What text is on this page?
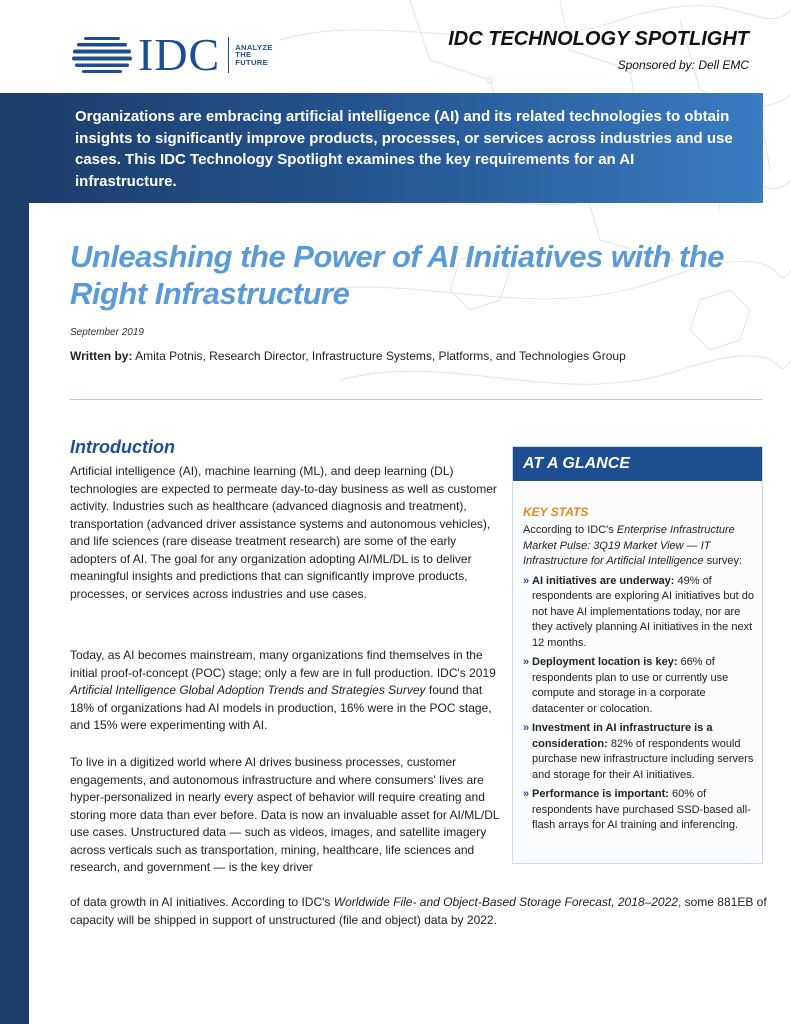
IDC ANALYZE
THE
FUTURE
IDC TECHNOLOGY SPOTLIGHT
Sponsored by: Dell EMC

Organizations are embracing artificial intelligence (AI) and its related technologies to obtain insights to significantly improve products, processes, or services across industries and use cases. This IDC Technology Spotlight examines the key requirements for an AI infrastructure.

Unleashing the Power of AI Initiatives with the Right Infrastructure
September 2019
Written by: Amita Potnis, Research Director, Infrastructure Systems, Platforms, and Technologies Group
Introduction

Artificial intelligence (AI), machine learning (ML), and deep learning (DL) technologies are expected to permeate day-to-day business as well as customer activity. Industries such as healthcare (advanced diagnosis and treatment), transportation (advanced driver assistance systems and autonomous vehicles), and life sciences (rare disease treatment research) are some of the early adopters of AI. The goal for any organization adopting AI/ML/DL is to deliver meaningful insights and predictions that can significantly improve products, processes, or services across industries and use cases.

Today, as AI becomes mainstream, many organizations find themselves in the initial proof-of-concept (POC) stage; only a few are in full production. IDC's 2019 Artificial Intelligence Global Adoption Trends and Strategies Survey found that 18% of organizations had AI models in production, 16% were in the POC stage, and 15% were experimenting with AI.

To live in a digitized world where AI drives business processes, customer engagements, and autonomous infrastructure and where consumers' lives are hyper-personalized in nearly every aspect of behavior will require creating and storing more data than ever before. Data is now an invaluable asset for AI/ML/DL use cases. Unstructured data — such as videos, images, and satellite imagery across verticals such as transportation, mining, healthcare, life sciences and research, and government — is the key driver

of data growth in AI initiatives. According to IDC's Worldwide File- and Object-Based Storage Forecast, 2018–2022, some 881EB of capacity will be shipped in support of unstructured (file and object) data by 2022.

AT A GLANCE
KEY STATS

According to IDC's Enterprise Infrastructure Market Pulse: 3Q19 Market View — IT Infrastructure for Artificial Intelligence survey:

» AI initiatives are underway: 49% of respondents are exploring AI initiatives but do not have AI implementations today, nor are they actively planning AI initiatives in the next 12 months.
» Deployment location is key: 66% of respondents plan to use or currently use compute and storage in a corporate datacenter or colocation.
» Investment in AI infrastructure is a consideration: 82% of respondents would purchase new infrastructure including servers and storage for their AI initiatives.
» Performance is important: 60% of respondents have purchased SSD-based all-flash arrays for AI training and inferencing.
